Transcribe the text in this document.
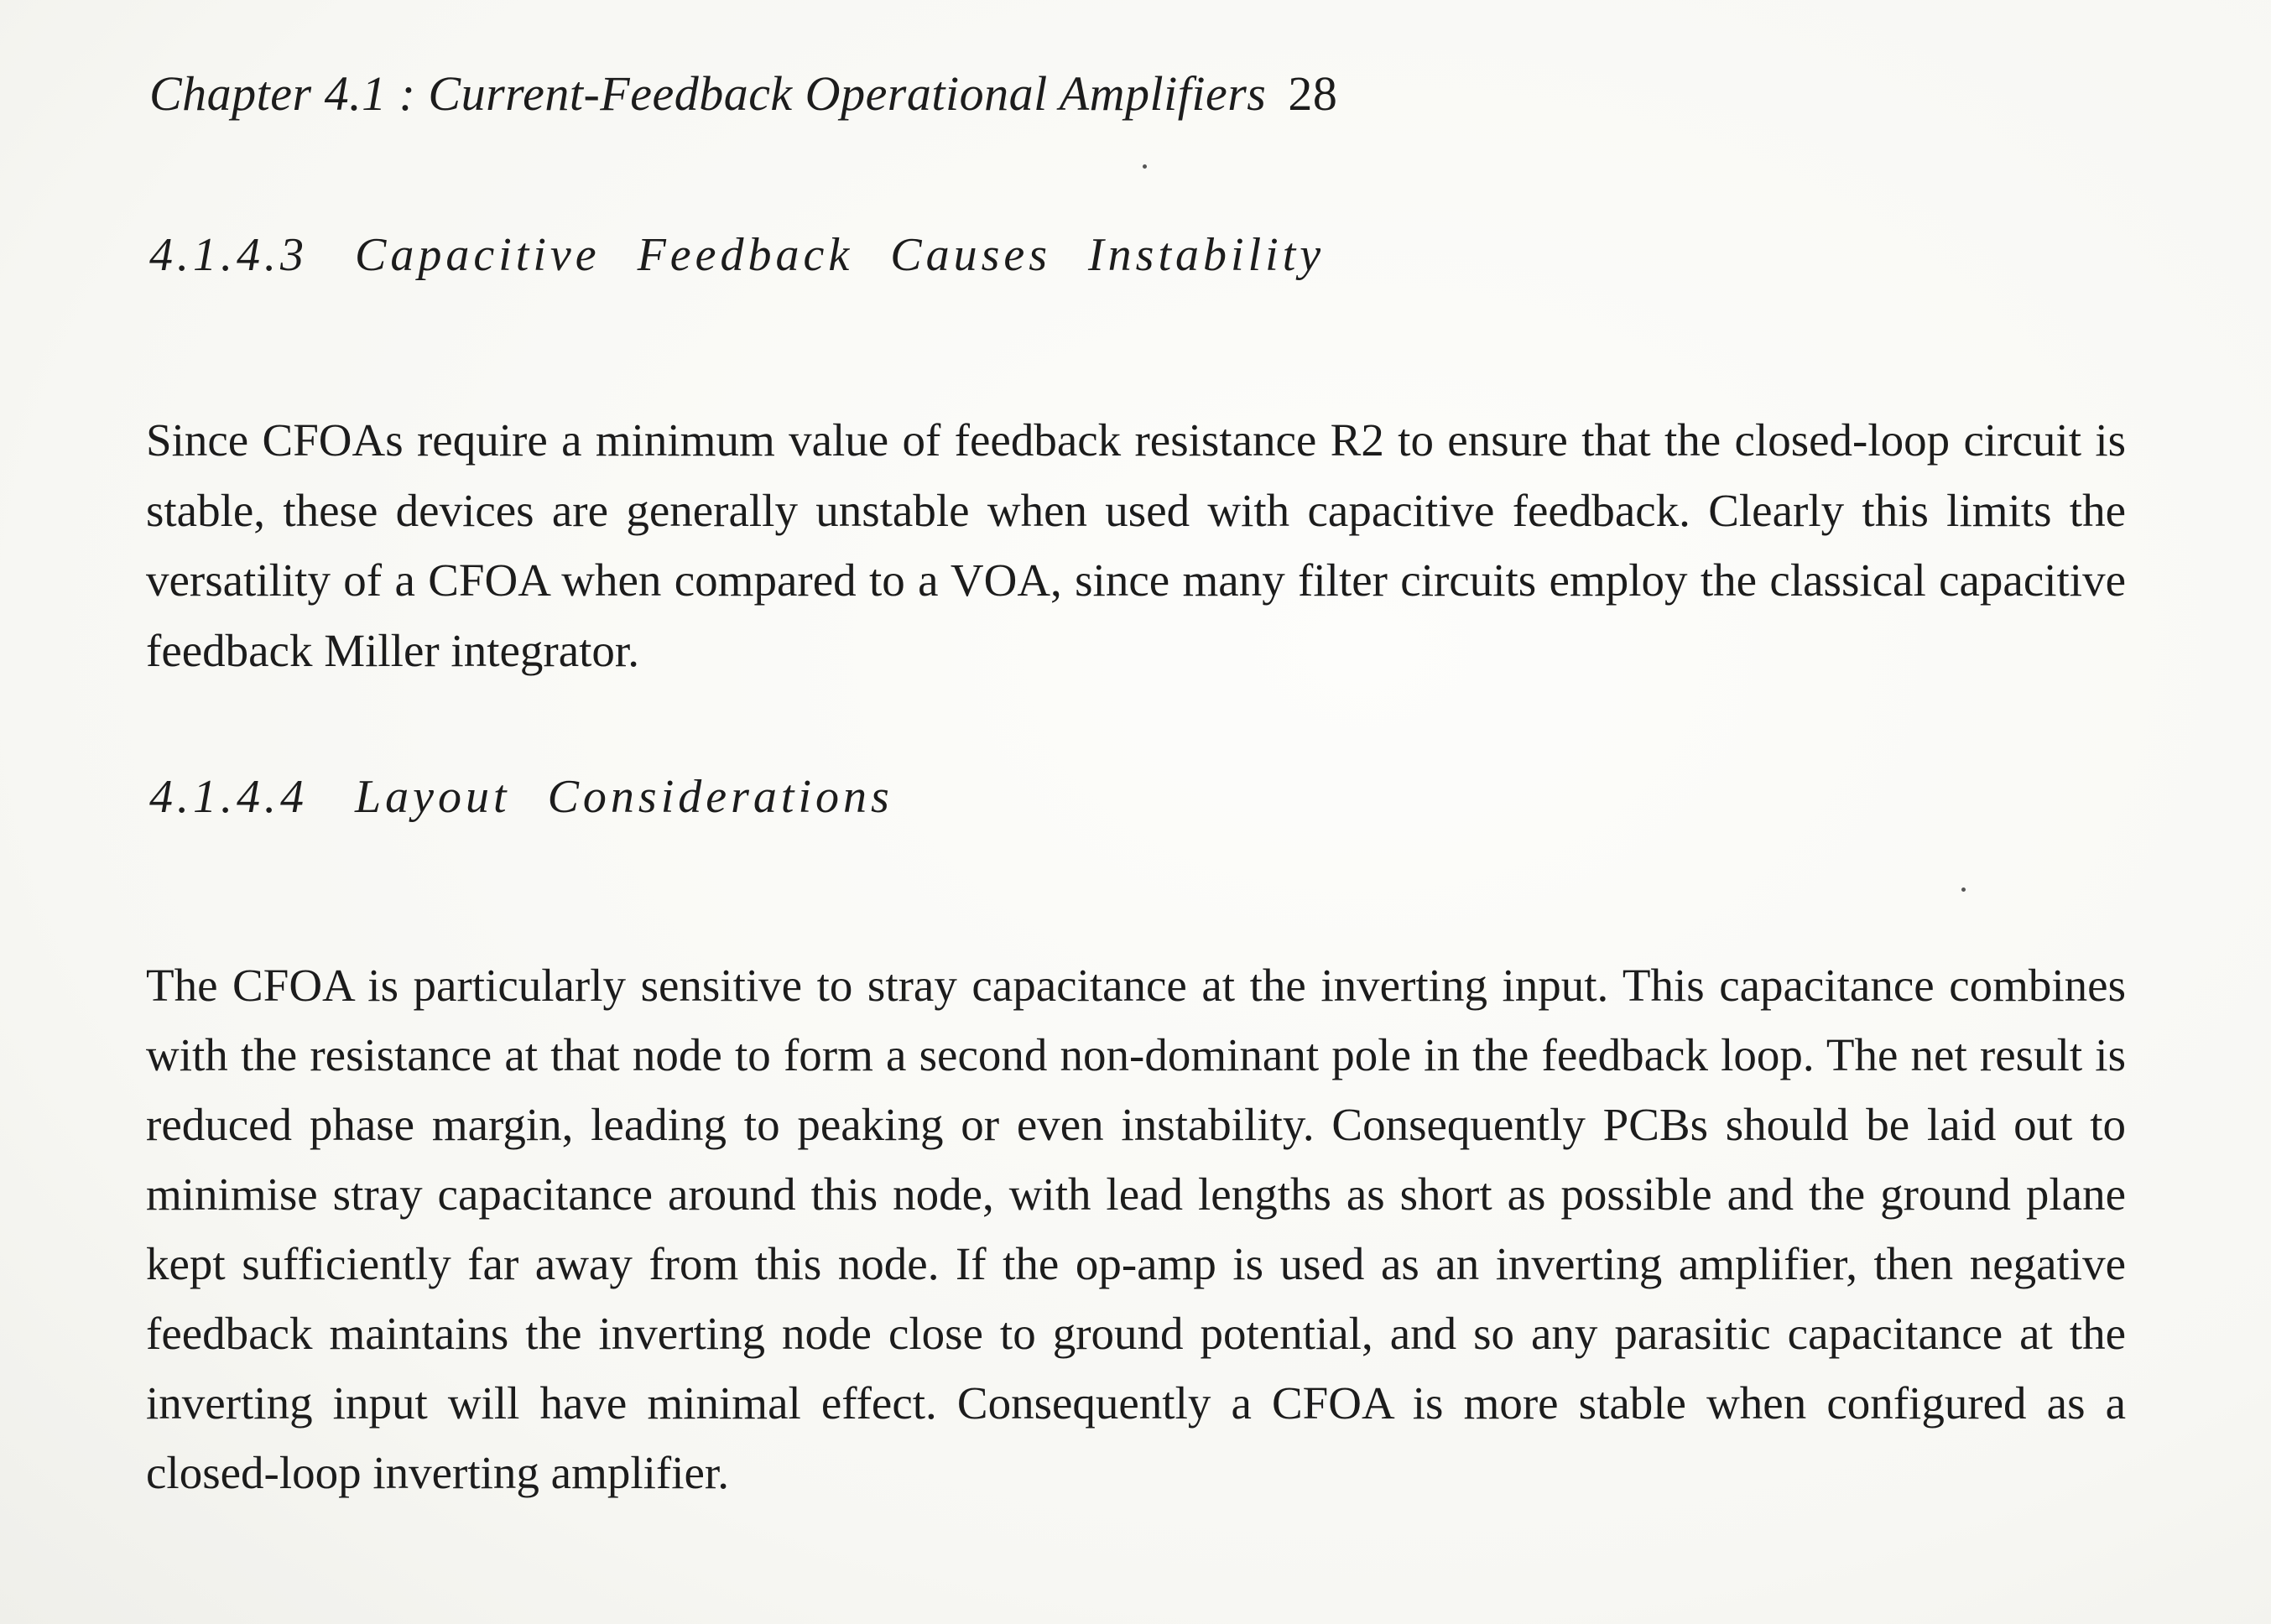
Chapter 4.1 : Current-Feedback Operational Amplifiers 28
4.1.4.3 Capacitive Feedback Causes Instability

Since CFOAs require a minimum value of feedback resistance R2 to ensure that the closed-loop circuit is stable, these devices are generally unstable when used with capacitive feedback. Clearly this limits the versatility of a CFOA when compared to a VOA, since many filter circuits employ the classical capacitive feedback Miller integrator.

4.1.4.4 Layout Considerations

The CFOA is particularly sensitive to stray capacitance at the inverting input. This capacitance combines with the resistance at that node to form a second non-dominant pole in the feedback loop. The net result is reduced phase margin, leading to peaking or even instability. Consequently PCBs should be laid out to minimise stray capacitance around this node, with lead lengths as short as possible and the ground plane kept sufficiently far away from this node. If the op-amp is used as an inverting amplifier, then negative feedback maintains the inverting node close to ground potential, and so any parasitic capacitance at the inverting input will have minimal effect. Consequently a CFOA is more stable when configured as a closed-loop inverting amplifier.
